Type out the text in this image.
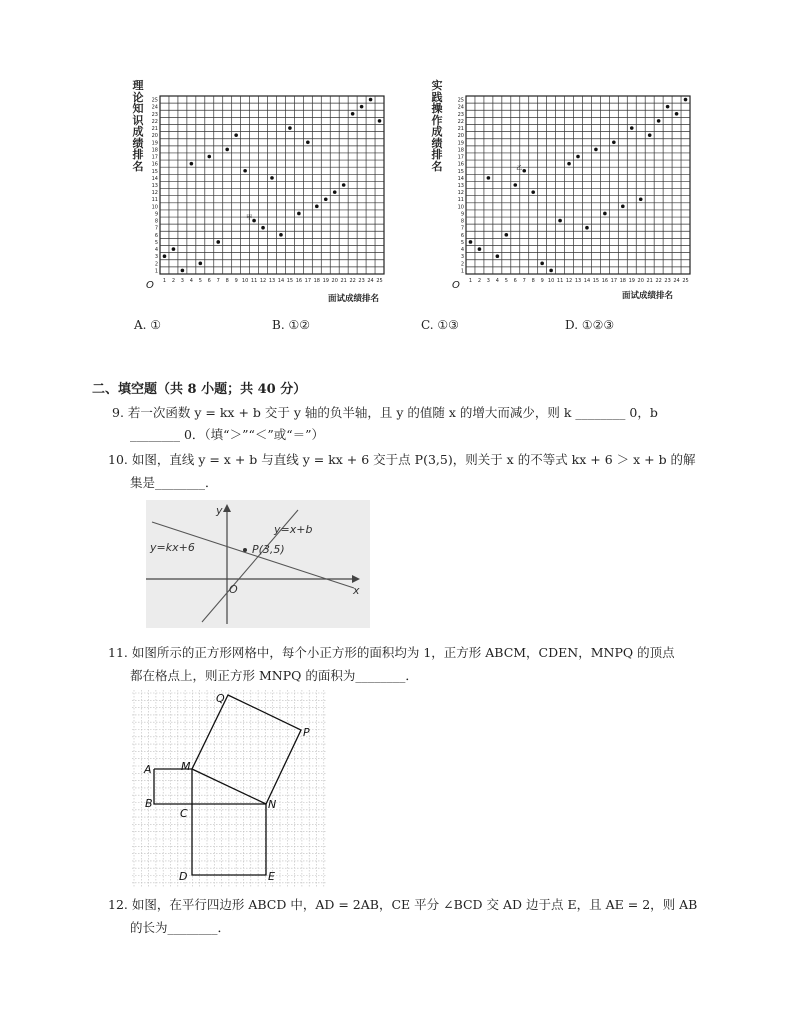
理论知识成绩排名
甲
1 2 3 4 5 6 7 8 9 10 11 12 13 14 15 16 17 18 19 20 21 22 23 24 25
1
2
3
4
5
6
7
8
9
10
11
12
13
14
15
16
17
18
19
20
21
22
23
24
25
O
面试成绩排名
实践操作成绩排名	乙
1 2 3 4 5 6 7 8 9 10 11 12 13 14 15 16 17 18 19 20 21 22 23 24 25
1
2
3
4
5
6
7
8
9
10
11
12
13
14
15
16
17
18
19
20
21
22
23
24
25
O
面试成绩排名
A. ①	B. ①②	C. ①③	D. ①②③
二、填空题（共 8 小题；共 40 分）
9. 若一次函数 y = kx + b 交于 y 轴的负半轴，且 y 的值随 x 的增大而减少，则 k ________ 0，b
________ 0．（填“＞”“＜”或“＝”）
10. 如图，直线 y = x + b 与直线 y = kx + 6 交于点 P(3,5)，则关于 x 的不等式 kx + 6 ＞ x + b 的解
集是________．
y
x
O
y=x+b
y=kx+6	P(3,5)
11. 如图所示的正方形网格中，每个小正方形的面积均为 1，正方形 ABCM，CDEN，MNPQ 的顶点
都在格点上，则正方形 MNPQ 的面积为________．
Q
P
A	M
B
C
N
D	E
12. 如图，在平行四边形 ABCD 中，AD = 2AB，CE 平分 ∠BCD 交 AD 边于点 E，且 AE = 2，则 AB
的长为________．
